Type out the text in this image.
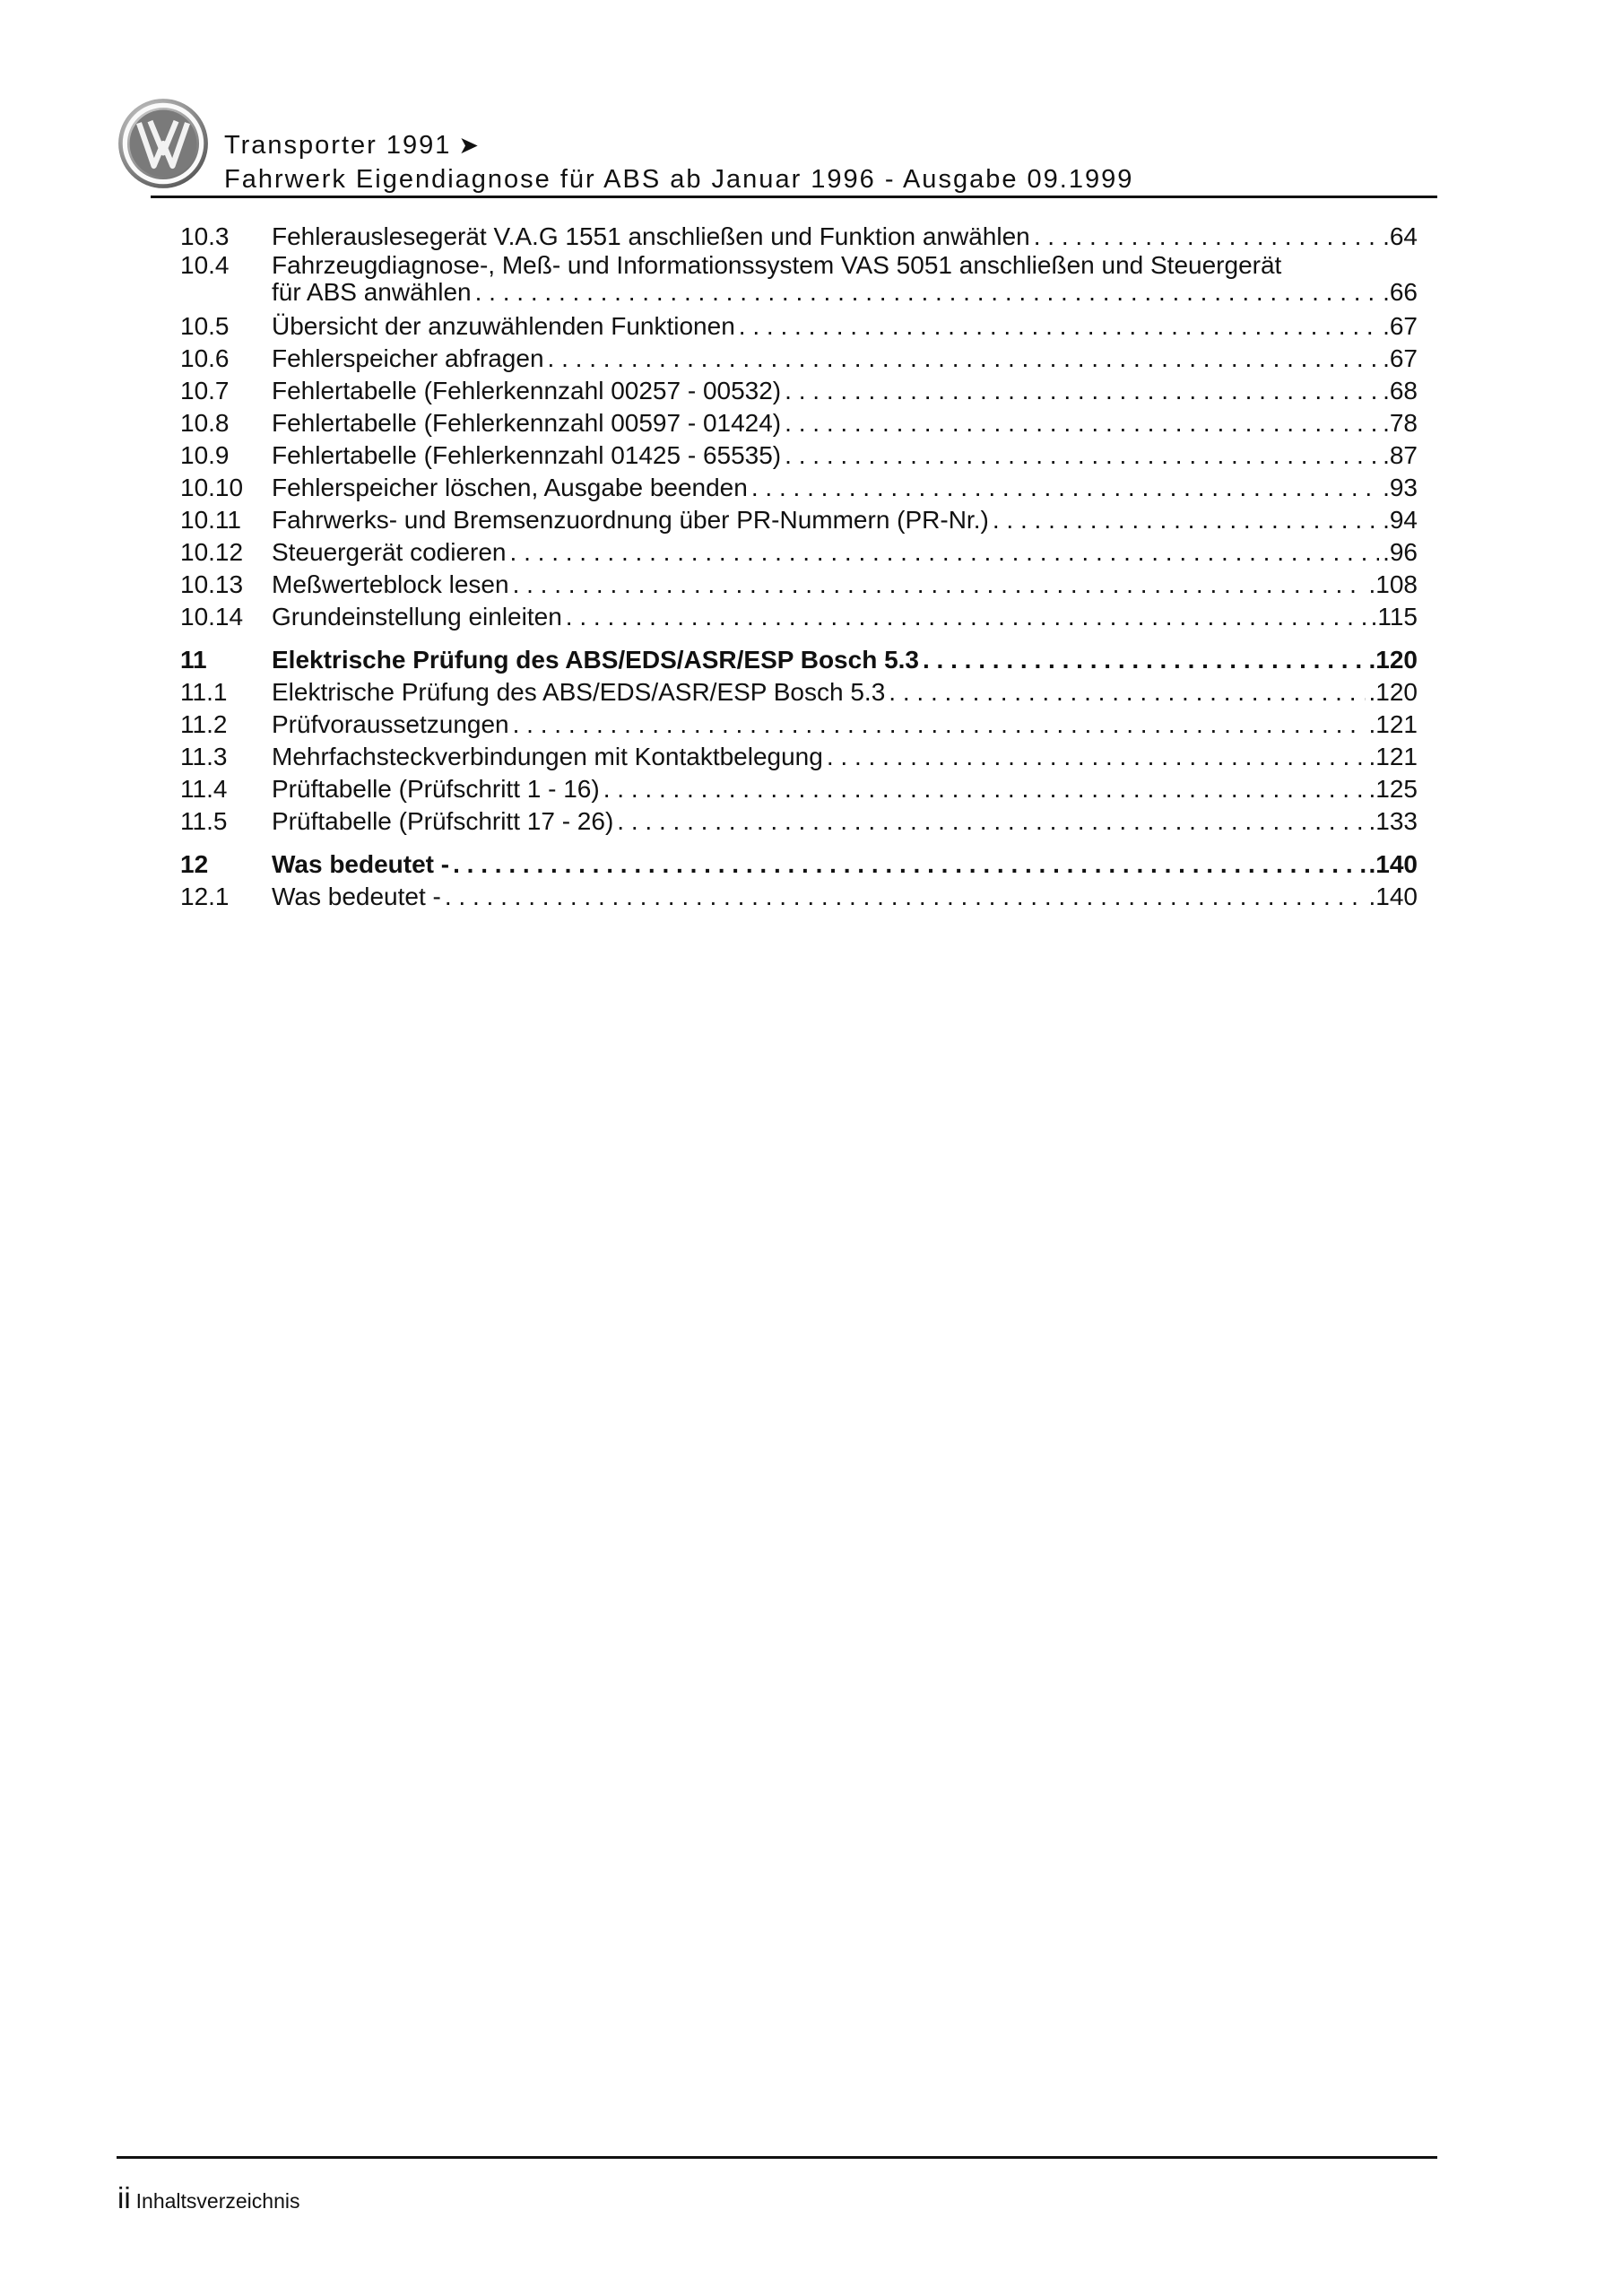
Transporter 1991 ➤
Fahrwerk Eigendiagnose für ABS ab Januar 1996 - Ausgabe 09.1999
10.3	Fehlerauslesegerät V.A.G 1551 anschließen und Funktion anwählen . . .	.64
10.4	Fahrzeugdiagnose-, Meß- und Informationssystem VAS 5051 anschließen und Steuergerät
für ABS anwählen . . .	.66
10.5	Übersicht der anzuwählenden Funktionen . . .	.67
10.6	Fehlerspeicher abfragen . . .	.67
10.7	Fehlertabelle (Fehlerkennzahl 00257 - 00532) . . .	.68
10.8	Fehlertabelle (Fehlerkennzahl 00597 - 01424) . . .	.78
10.9	Fehlertabelle (Fehlerkennzahl 01425 - 65535) . . .	.87
10.10	Fehlerspeicher löschen, Ausgabe beenden . . .	.93
10.11	Fahrwerks- und Bremsenzuordnung über PR-Nummern (PR-Nr.) . . .	.94
10.12	Steuergerät codieren . . .	.96
10.13	Meßwerteblock lesen . . .	.108
10.14	Grundeinstellung einleiten . . .	.115
11	Elektrische Prüfung des ABS/EDS/ASR/ESP Bosch 5.3 . . .	.120
11.1	Elektrische Prüfung des ABS/EDS/ASR/ESP Bosch 5.3 . . .	.120
11.2	Prüfvoraussetzungen . . .	.121
11.3	Mehrfachsteckverbindungen mit Kontaktbelegung . . .	.121
11.4	Prüftabelle (Prüfschritt 1 - 16) . . .	.125
11.5	Prüftabelle (Prüfschritt 17 - 26) . . .	.133
12	Was bedeutet - . . .	.140
12.1	Was bedeutet - . . .	.140
ii Inhaltsverzeichnis
